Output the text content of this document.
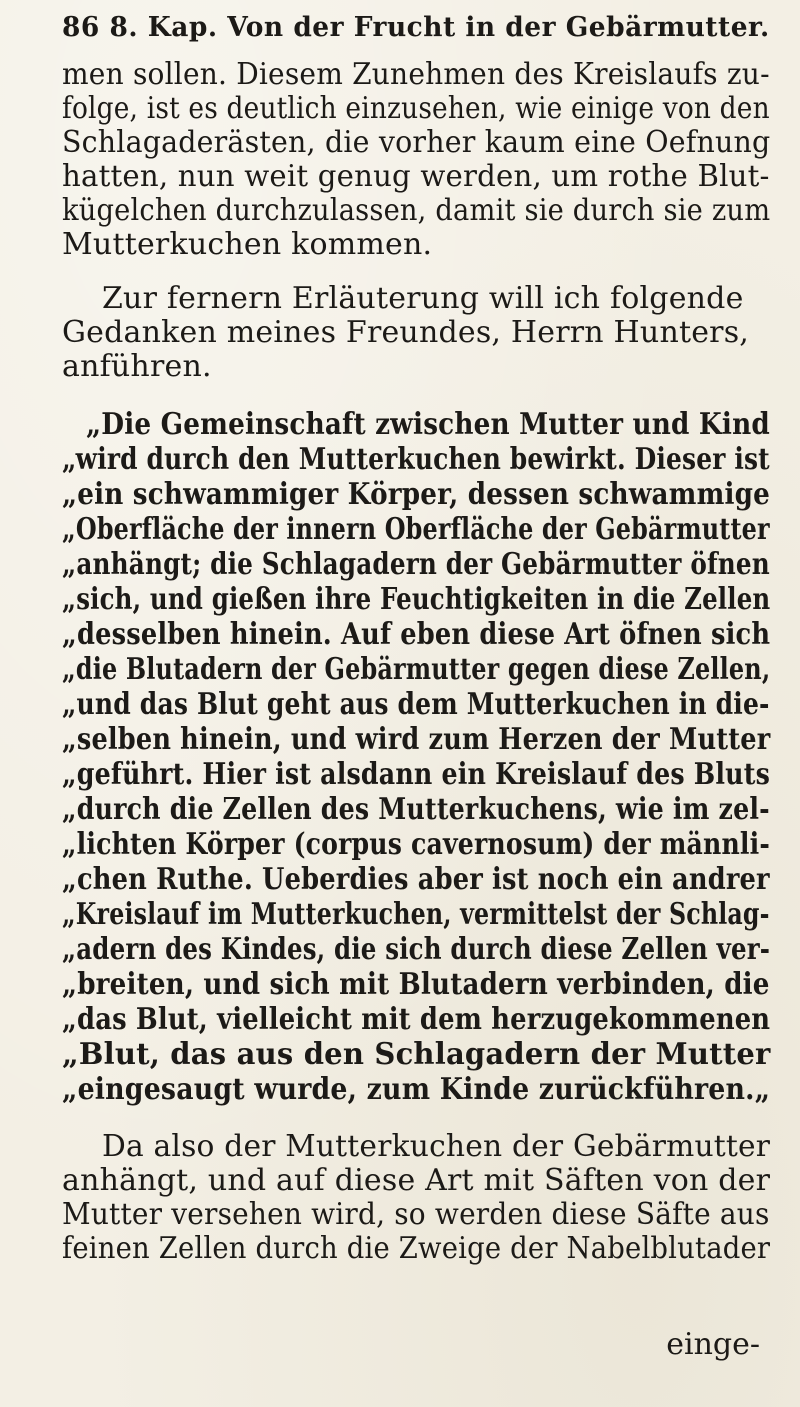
86 8. Kap. Von der Frucht in der Gebärmutter.
men sollen. Diesem Zunehmen des Kreislaufs zu-
folge, ist es deutlich einzusehen, wie einige von den
Schlagaderästen, die vorher kaum eine Oefnung
hatten, nun weit genug werden, um rothe Blut-
kügelchen durchzulassen, damit sie durch sie zum
Mutterkuchen kommen.
Zur fernern Erläuterung will ich folgende
Gedanken meines Freundes, Herrn Hunters,
anführen.
„Die Gemeinschaft zwischen Mutter und Kind
„wird durch den Mutterkuchen bewirkt. Dieser ist
„ein schwammiger Körper, dessen schwammige
„Oberfläche der innern Oberfläche der Gebärmutter
„anhängt; die Schlagadern der Gebärmutter öfnen
„sich, und gießen ihre Feuchtigkeiten in die Zellen
„desselben hinein. Auf eben diese Art öfnen sich
„die Blutadern der Gebärmutter gegen diese Zellen,
„und das Blut geht aus dem Mutterkuchen in die-
„selben hinein, und wird zum Herzen der Mutter
„geführt. Hier ist alsdann ein Kreislauf des Bluts
„durch die Zellen des Mutterkuchens, wie im zel-
„lichten Körper (corpus cavernosum) der männli-
„chen Ruthe. Ueberdies aber ist noch ein andrer
„Kreislauf im Mutterkuchen, vermittelst der Schlag-
„adern des Kindes, die sich durch diese Zellen ver-
„breiten, und sich mit Blutadern verbinden, die
„das Blut, vielleicht mit dem herzugekommenen
„Blut, das aus den Schlagadern der Mutter
„eingesaugt wurde, zum Kinde zurückführen.„
Da also der Mutterkuchen der Gebärmutter
anhängt, und auf diese Art mit Säften von der
Mutter versehen wird, so werden diese Säfte aus
feinen Zellen durch die Zweige der Nabelblutader
einge-
